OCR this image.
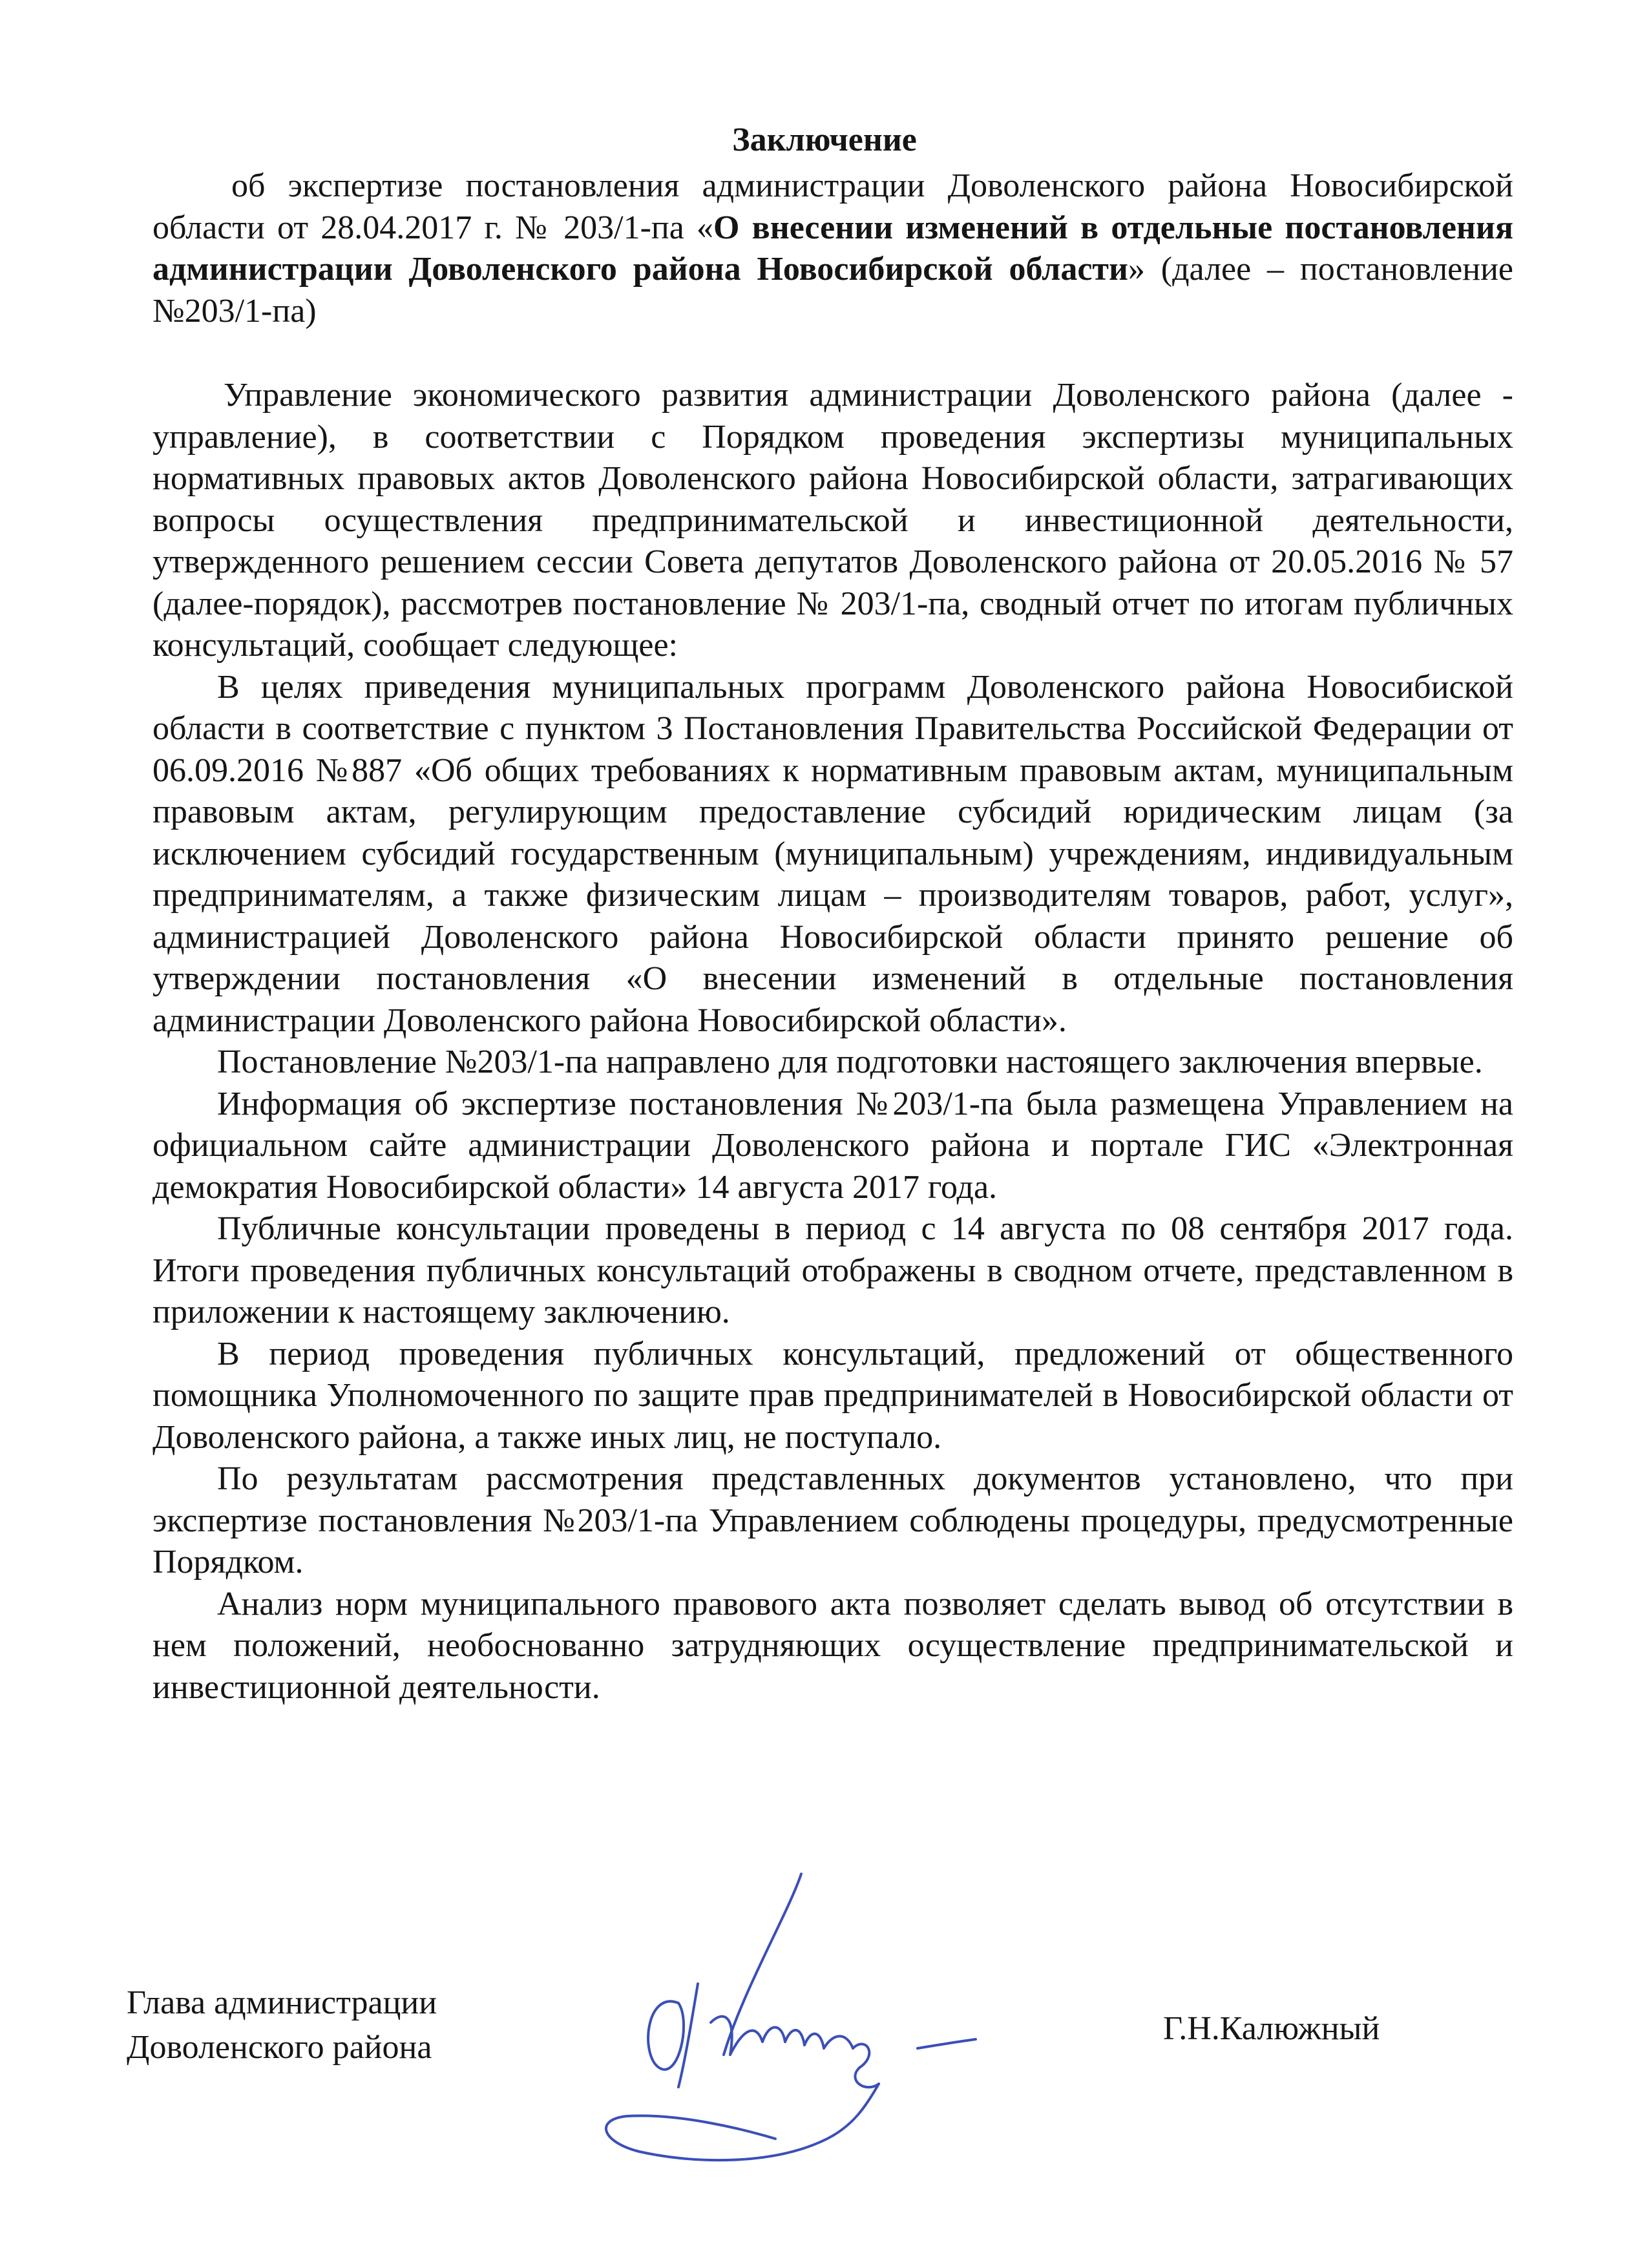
Заключение

об экспертизе постановления администрации Доволенского района Новосибирской области от 28.04.2017 г. № 203/1-па «О внесении изменений в отдельные постановления администрации Доволенского района Новосибирской области» (далее – постановление №203/1-па)

Управление экономического развития администрации Доволенского района (далее - управление), в соответствии с Порядком проведения экспертизы муниципальных нормативных правовых актов Доволенского района Новосибирской области, затрагивающих вопросы осуществления предпринимательской и инвестиционной деятельности, утвержденного решением сессии Совета депутатов Доволенского района от 20.05.2016 № 57 (далее-порядок), рассмотрев постановление № 203/1-па, сводный отчет по итогам публичных консультаций, сообщает следующее:

В целях приведения муниципальных программ Доволенского района Новосибиской области в соответствие с пунктом 3 Постановления Правительства Российской Федерации от 06.09.2016 №887 «Об общих требованиях к нормативным правовым актам, муниципальным правовым актам, регулирующим предоставление субсидий юридическим лицам (за исключением субсидий государственным (муниципальным) учреждениям, индивидуальным предпринимателям, а также физическим лицам – производителям товаров, работ, услуг», администрацией Доволенского района Новосибирской области принято решение об утверждении постановления «О внесении изменений в отдельные постановления администрации Доволенского района Новосибирской области».

Постановление №203/1-па направлено для подготовки настоящего заключения впервые.

Информация об экспертизе постановления №203/1-па была размещена Управлением на официальном сайте администрации Доволенского района и портале ГИС «Электронная демократия Новосибирской области» 14 августа 2017 года.

Публичные консультации проведены в период с 14 августа по 08 сентября 2017 года. Итоги проведения публичных консультаций отображены в сводном отчете, представленном в приложении к настоящему заключению.

В период проведения публичных консультаций, предложений от общественного помощника Уполномоченного по защите прав предпринимателей в Новосибирской области от Доволенского района, а также иных лиц, не поступало.

По результатам рассмотрения представленных документов установлено, что при экспертизе постановления №203/1-па Управлением соблюдены процедуры, предусмотренные Порядком.

Анализ норм муниципального правового акта позволяет сделать вывод об отсутствии в нем положений, необоснованно затрудняющих осуществление предпринимательской и инвестиционной деятельности.

Глава администрации
Доволенского района
Г.Н.Калюжный
